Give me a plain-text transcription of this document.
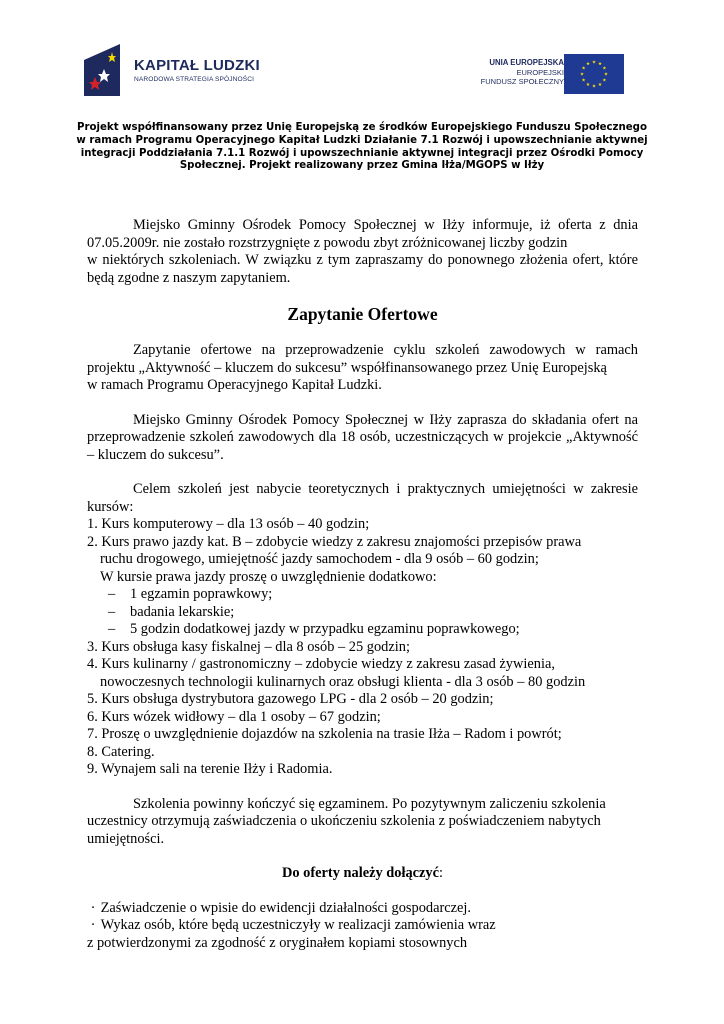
KAPITAŁ LUDZKI
NARODOWA STRATEGIA SPÓJNOŚCI
UNIA EUROPEJSKA
EUROPEJSKI
FUNDUSZ SPOŁECZNY
Projekt współfinansowany przez Unię Europejską ze środków Europejskiego Funduszu Społecznego
w ramach Programu Operacyjnego Kapitał Ludzki Działanie 7.1 Rozwój i upowszechnianie aktywnej
integracji Poddziałania 7.1.1 Rozwój i upowszechnianie aktywnej integracji przez Ośrodki Pomocy
Społecznej. Projekt realizowany przez Gmina Iłża/MGOPS w Iłży

Miejsko Gminny Ośrodek Pomocy Społecznej w Iłży informuje, iż oferta z dnia 07.05.2009r. nie zostało rozstrzygnięte z powodu zbyt zróżnicowanej liczby godzin

w niektórych szkoleniach. W związku z tym zapraszamy do ponownego złożenia ofert, które będą zgodne z naszym zapytaniem.

Zapytanie Ofertowe

Zapytanie ofertowe na przeprowadzenie cyklu szkoleń zawodowych w ramach projektu „Aktywność – kluczem do sukcesu” współfinansowanego przez Unię Europejską

w ramach Programu Operacyjnego Kapitał Ludzki.

Miejsko Gminny Ośrodek Pomocy Społecznej w Iłży zaprasza do składania ofert na przeprowadzenie szkoleń zawodowych dla 18 osób, uczestniczących w projekcie „Aktywność – kluczem do sukcesu”.

Celem szkoleń jest nabycie teoretycznych i praktycznych umiejętności w zakresie kursów:

1. Kurs komputerowy – dla 13 osób – 40 godzin;
2. Kurs prawo jazdy kat. B – zdobycie wiedzy z zakresu znajomości przepisów prawa
ruchu drogowego, umiejętność jazdy samochodem - dla 9 osób – 60 godzin;
W kursie prawa jazdy proszę o uwzględnienie dodatkowo:
– 1 egzamin poprawkowy;
– badania lekarskie;
– 5 godzin dodatkowej jazdy w przypadku egzaminu poprawkowego;
3. Kurs obsługa kasy fiskalnej – dla 8 osób – 25 godzin;
4. Kurs kulinarny / gastronomiczny – zdobycie wiedzy z zakresu zasad żywienia,
nowoczesnych technologii kulinarnych oraz obsługi klienta - dla 3 osób – 80 godzin
5. Kurs obsługa dystrybutora gazowego LPG - dla 2 osób – 20 godzin;
6. Kurs wózek widłowy – dla 1 osoby – 67 godzin;
7. Proszę o uwzględnienie dojazdów na szkolenia na trasie Iłża – Radom i powrót;
8. Catering.
9. Wynajem sali na terenie Iłży i Radomia.

Szkolenia powinny kończyć się egzaminem. Po pozytywnym zaliczeniu szkolenia uczestnicy otrzymują zaświadczenia o ukończeniu szkolenia z poświadczeniem nabytych umiejętności.

Do oferty należy dołączyć:

· Zaświadczenie o wpisie do ewidencji działalności gospodarczej.
· Wykaz osób, które będą uczestniczyły w realizacji zamówienia wraz
z potwierdzonymi za zgodność z oryginałem kopiami stosownych
